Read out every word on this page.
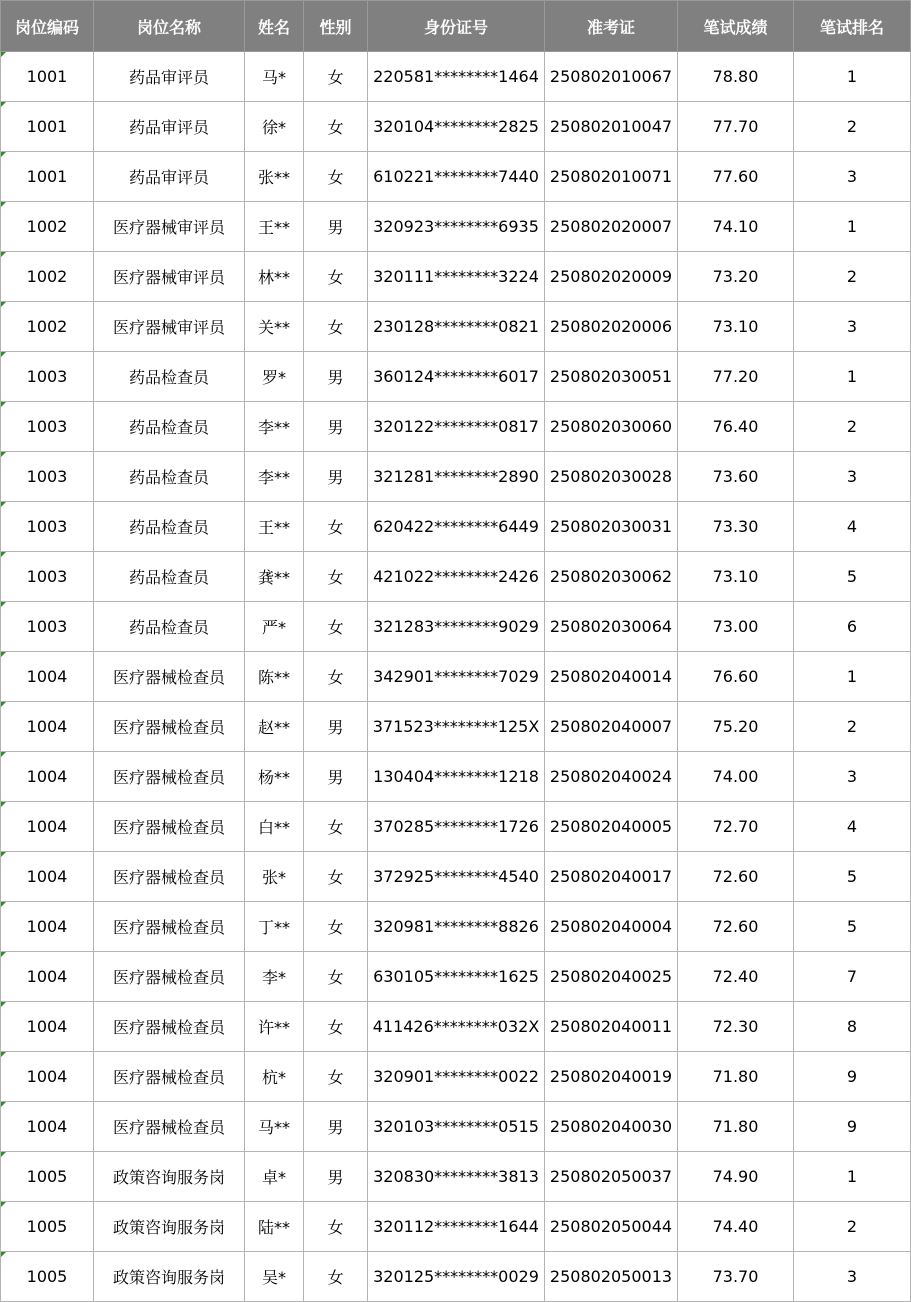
岗位编码	岗位名称	姓名	性别	身份证号	准考证	笔试成绩	笔试排名
1001	药品审评员	马*	女	220581********1464	250802010067	78.80	1
1001	药品审评员	徐*	女	320104********2825	250802010047	77.70	2
1001	药品审评员	张**	女	610221********7440	250802010071	77.60	3
1002	医疗器械审评员	王**	男	320923********6935	250802020007	74.10	1
1002	医疗器械审评员	林**	女	320111********3224	250802020009	73.20	2
1002	医疗器械审评员	关**	女	230128********0821	250802020006	73.10	3
1003	药品检查员	罗*	男	360124********6017	250802030051	77.20	1
1003	药品检查员	李**	男	320122********0817	250802030060	76.40	2
1003	药品检查员	李**	男	321281********2890	250802030028	73.60	3
1003	药品检查员	王**	女	620422********6449	250802030031	73.30	4
1003	药品检查员	龚**	女	421022********2426	250802030062	73.10	5
1003	药品检查员	严*	女	321283********9029	250802030064	73.00	6
1004	医疗器械检查员	陈**	女	342901********7029	250802040014	76.60	1
1004	医疗器械检查员	赵**	男	371523********125X	250802040007	75.20	2
1004	医疗器械检查员	杨**	男	130404********1218	250802040024	74.00	3
1004	医疗器械检查员	白**	女	370285********1726	250802040005	72.70	4
1004	医疗器械检查员	张*	女	372925********4540	250802040017	72.60	5
1004	医疗器械检查员	丁**	女	320981********8826	250802040004	72.60	5
1004	医疗器械检查员	李*	女	630105********1625	250802040025	72.40	7
1004	医疗器械检查员	许**	女	411426********032X	250802040011	72.30	8
1004	医疗器械检查员	杭*	女	320901********0022	250802040019	71.80	9
1004	医疗器械检查员	马**	男	320103********0515	250802040030	71.80	9
1005	政策咨询服务岗	卓*	男	320830********3813	250802050037	74.90	1
1005	政策咨询服务岗	陆**	女	320112********1644	250802050044	74.40	2
1005	政策咨询服务岗	吴*	女	320125********0029	250802050013	73.70	3
